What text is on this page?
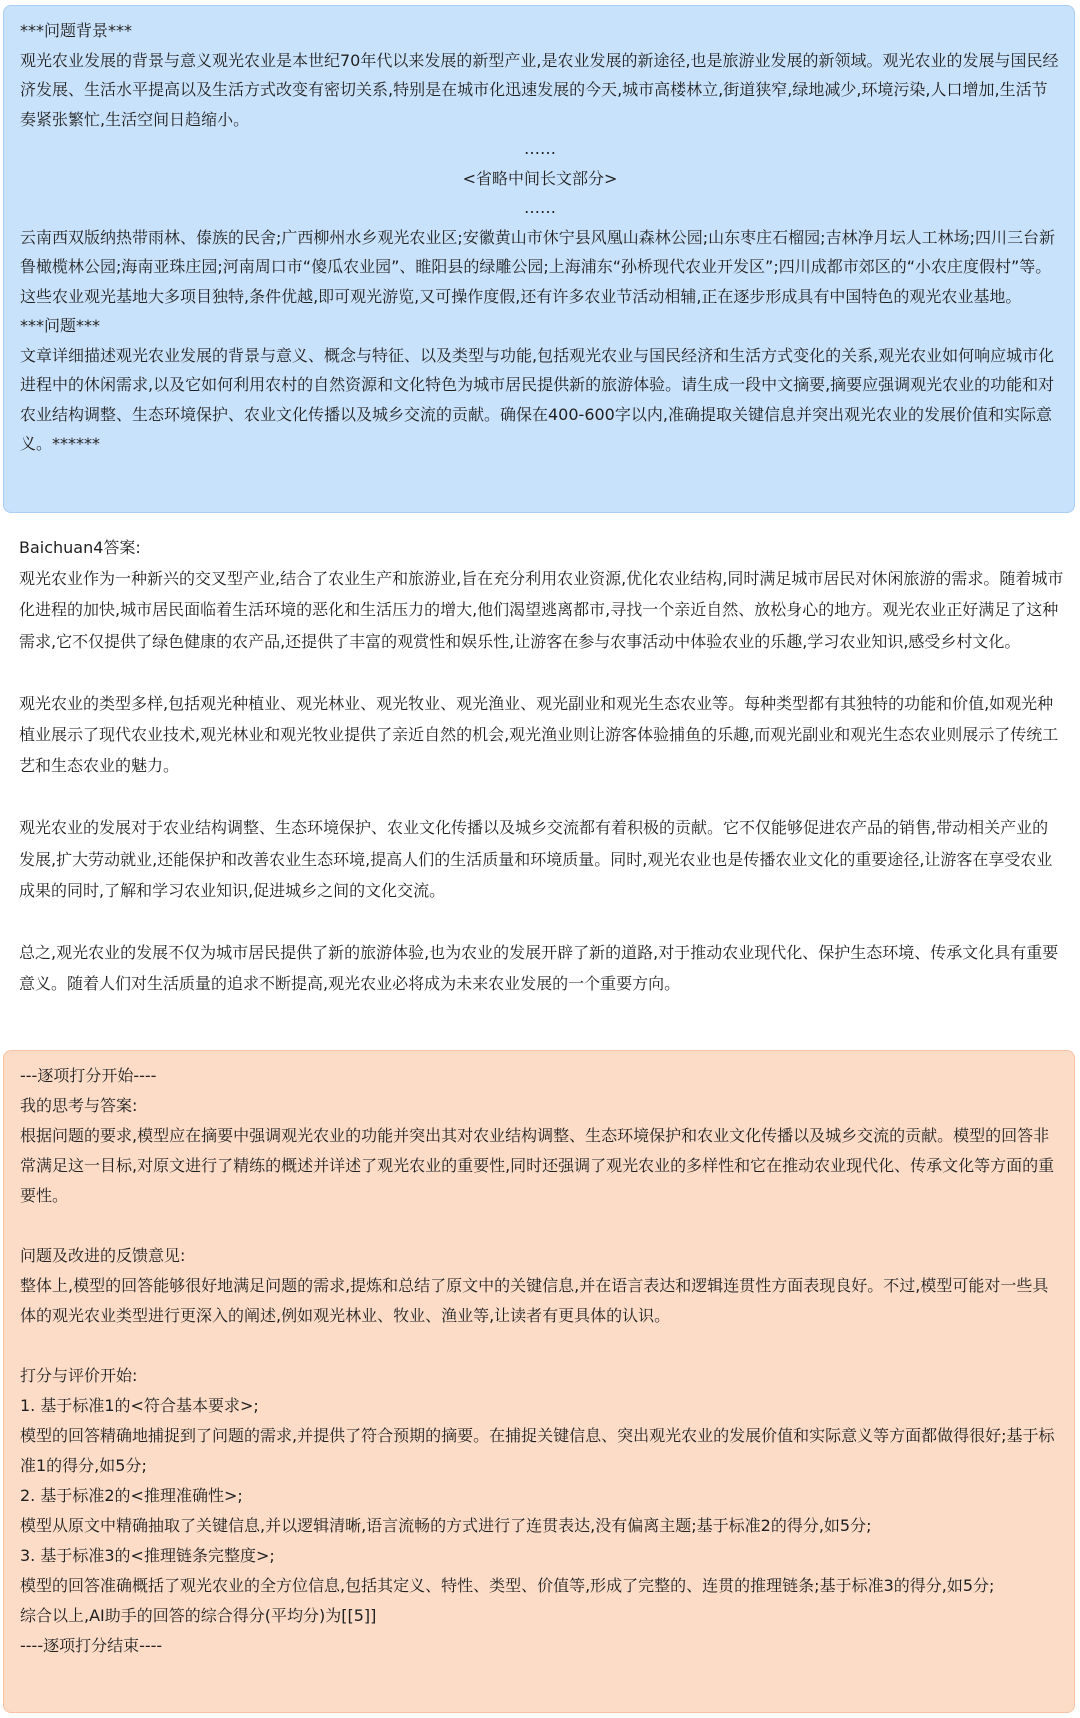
***问题背景***

观光农业发展的背景与意义观光农业是本世纪70年代以来发展的新型产业,是农业发展的新途径,也是旅游业发展的新领域。观光农业的发展与国民经济发展、生活水平提高以及生活方式改变有密切关系,特别是在城市化迅速发展的今天,城市高楼林立,街道狭窄,绿地减少,环境污染,人口增加,生活节奏紧张繁忙,生活空间日趋缩小。

……

<省略中间长文部分>

……

云南西双版纳热带雨林、傣族的民舍;广西柳州水乡观光农业区;安徽黄山市休宁县风凰山森林公园;山东枣庄石榴园;吉林净月坛人工林场;四川三台新鲁橄榄林公园;海南亚珠庄园;河南周口市“傻瓜农业园”、睢阳县的绿雕公园;上海浦东“孙桥现代农业开发区”;四川成都市郊区的“小农庄度假村”等。这些农业观光基地大多项目独特,条件优越,即可观光游览,又可操作度假,还有许多农业节活动相辅,正在逐步形成具有中国特色的观光农业基地。

***问题***

文章详细描述观光农业发展的背景与意义、概念与特征、以及类型与功能,包括观光农业与国民经济和生活方式变化的关系,观光农业如何响应城市化进程中的休闲需求,以及它如何利用农村的自然资源和文化特色为城市居民提供新的旅游体验。请生成一段中文摘要,摘要应强调观光农业的功能和对农业结构调整、生态环境保护、农业文化传播以及城乡交流的贡献。确保在400-600字以内,准确提取关键信息并突出观光农业的发展价值和实际意义。******

Baichuan4答案:

观光农业作为一种新兴的交叉型产业,结合了农业生产和旅游业,旨在充分利用农业资源,优化农业结构,同时满足城市居民对休闲旅游的需求。随着城市化进程的加快,城市居民面临着生活环境的恶化和生活压力的增大,他们渴望逃离都市,寻找一个亲近自然、放松身心的地方。观光农业正好满足了这种需求,它不仅提供了绿色健康的农产品,还提供了丰富的观赏性和娱乐性,让游客在参与农事活动中体验农业的乐趣,学习农业知识,感受乡村文化。

观光农业的类型多样,包括观光种植业、观光林业、观光牧业、观光渔业、观光副业和观光生态农业等。每种类型都有其独特的功能和价值,如观光种植业展示了现代农业技术,观光林业和观光牧业提供了亲近自然的机会,观光渔业则让游客体验捕鱼的乐趣,而观光副业和观光生态农业则展示了传统工艺和生态农业的魅力。

观光农业的发展对于农业结构调整、生态环境保护、农业文化传播以及城乡交流都有着积极的贡献。它不仅能够促进农产品的销售,带动相关产业的发展,扩大劳动就业,还能保护和改善农业生态环境,提高人们的生活质量和环境质量。同时,观光农业也是传播农业文化的重要途径,让游客在享受农业成果的同时,了解和学习农业知识,促进城乡之间的文化交流。

总之,观光农业的发展不仅为城市居民提供了新的旅游体验,也为农业的发展开辟了新的道路,对于推动农业现代化、保护生态环境、传承文化具有重要意义。随着人们对生活质量的追求不断提高,观光农业必将成为未来农业发展的一个重要方向。

---逐项打分开始----

我的思考与答案:

根据问题的要求,模型应在摘要中强调观光农业的功能并突出其对农业结构调整、生态环境保护和农业文化传播以及城乡交流的贡献。模型的回答非常满足这一目标,对原文进行了精练的概述并详述了观光农业的重要性,同时还强调了观光农业的多样性和它在推动农业现代化、传承文化等方面的重要性。

问题及改进的反馈意见:

整体上,模型的回答能够很好地满足问题的需求,提炼和总结了原文中的关键信息,并在语言表达和逻辑连贯性方面表现良好。不过,模型可能对一些具体的观光农业类型进行更深入的阐述,例如观光林业、牧业、渔业等,让读者有更具体的认识。

打分与评价开始:

1. 基于标准1的<符合基本要求>;

模型的回答精确地捕捉到了问题的需求,并提供了符合预期的摘要。在捕捉关键信息、突出观光农业的发展价值和实际意义等方面都做得很好;基于标准1的得分,如5分;

2. 基于标准2的<推理准确性>;

模型从原文中精确抽取了关键信息,并以逻辑清晰,语言流畅的方式进行了连贯表达,没有偏离主题;基于标准2的得分,如5分;

3. 基于标准3的<推理链条完整度>;

模型的回答准确概括了观光农业的全方位信息,包括其定义、特性、类型、价值等,形成了完整的、连贯的推理链条;基于标准3的得分,如5分;

综合以上,AI助手的回答的综合得分(平均分)为[[5]]

----逐项打分结束----
